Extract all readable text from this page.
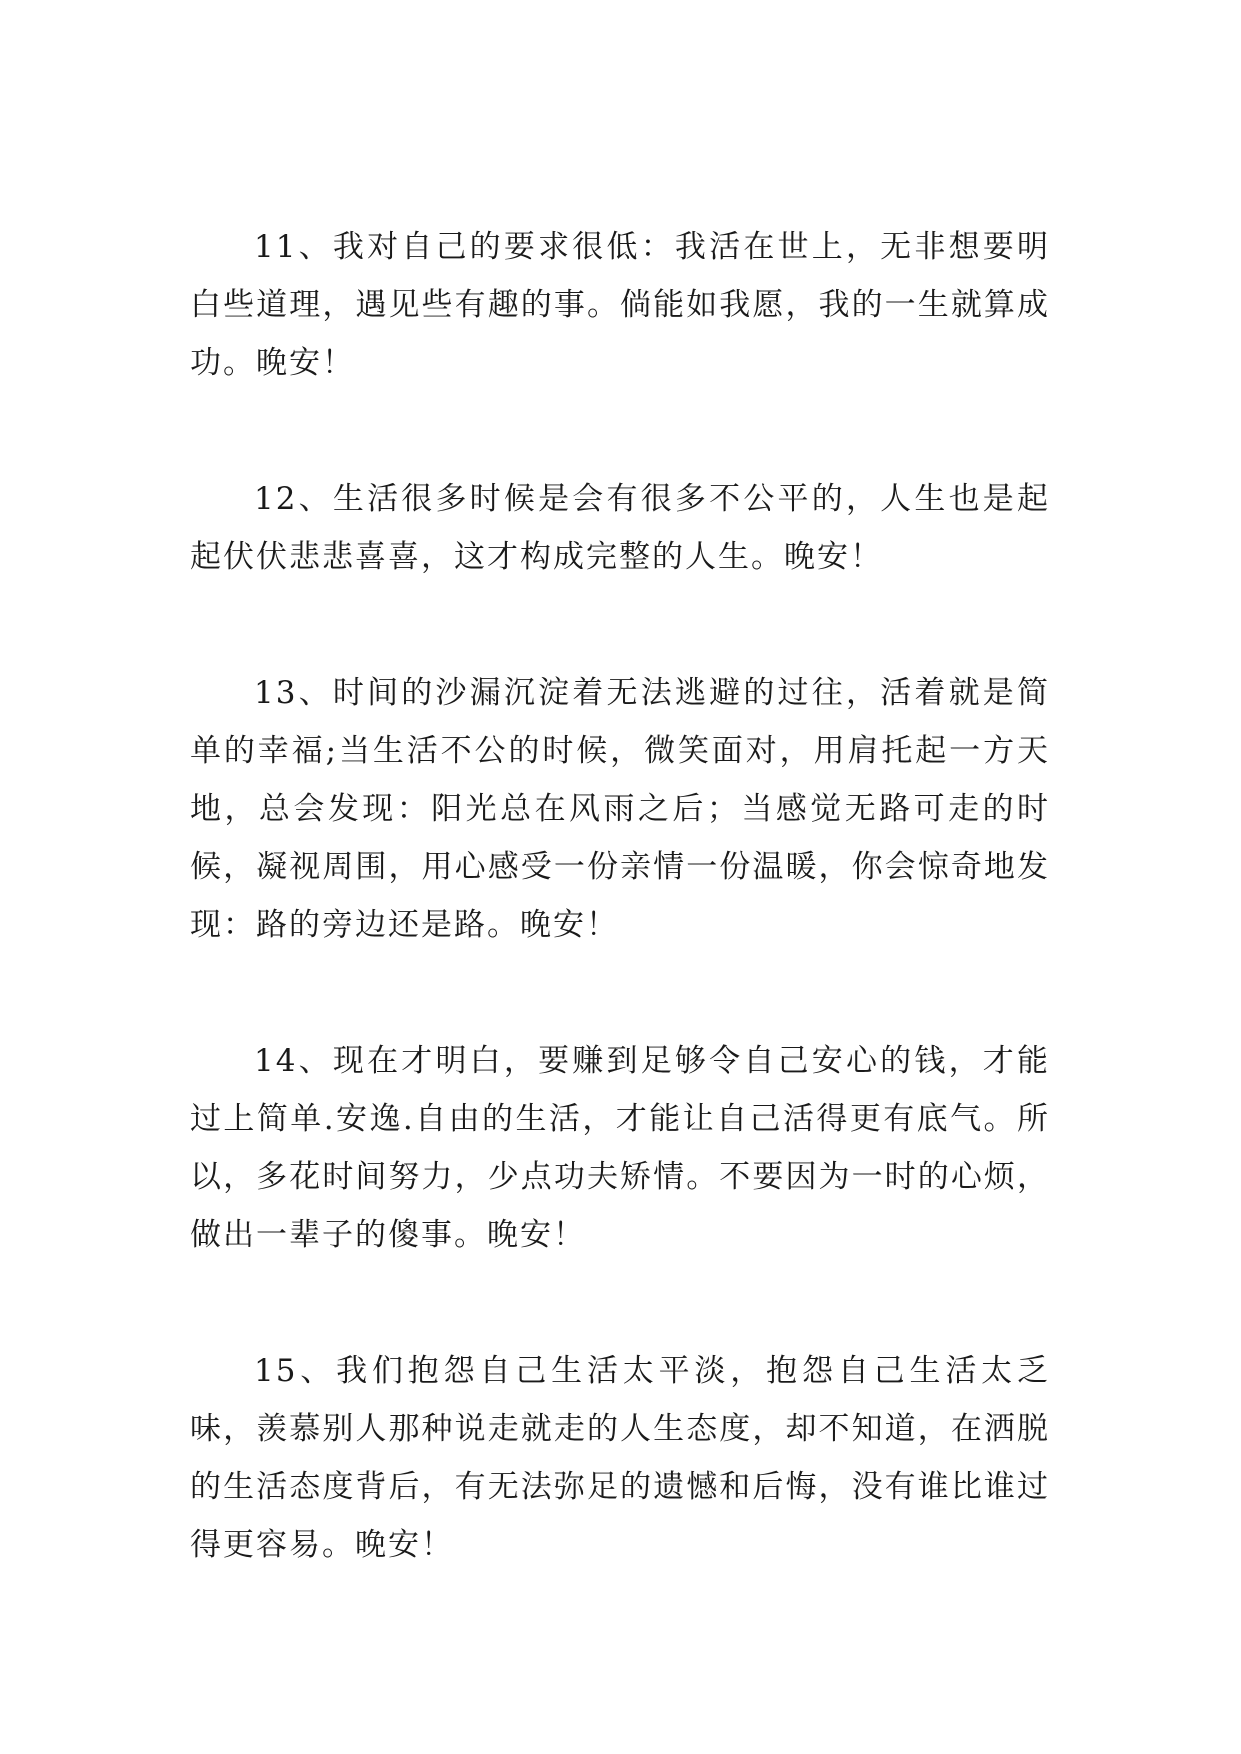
11、我对自己的要求很低：我活在世上，无非想要明白些道理，遇见些有趣的事。倘能如我愿，我的一生就算成功。晚安！

12、生活很多时候是会有很多不公平的，人生也是起起伏伏悲悲喜喜，这才构成完整的人生。晚安！

13、时间的沙漏沉淀着无法逃避的过往，活着就是简单的幸福;当生活不公的时候，微笑面对，用肩托起一方天地，总会发现：阳光总在风雨之后；当感觉无路可走的时候，凝视周围，用心感受一份亲情一份温暖，你会惊奇地发现：路的旁边还是路。晚安！

14、现在才明白，要赚到足够令自己安心的钱，才能过上简单.安逸.自由的生活，才能让自己活得更有底气。所以，多花时间努力，少点功夫矫情。不要因为一时的心烦，做出一辈子的傻事。晚安！

15、我们抱怨自己生活太平淡，抱怨自己生活太乏味，羡慕别人那种说走就走的人生态度，却不知道，在洒脱的生活态度背后，有无法弥足的遗憾和后悔，没有谁比谁过得更容易。晚安！
